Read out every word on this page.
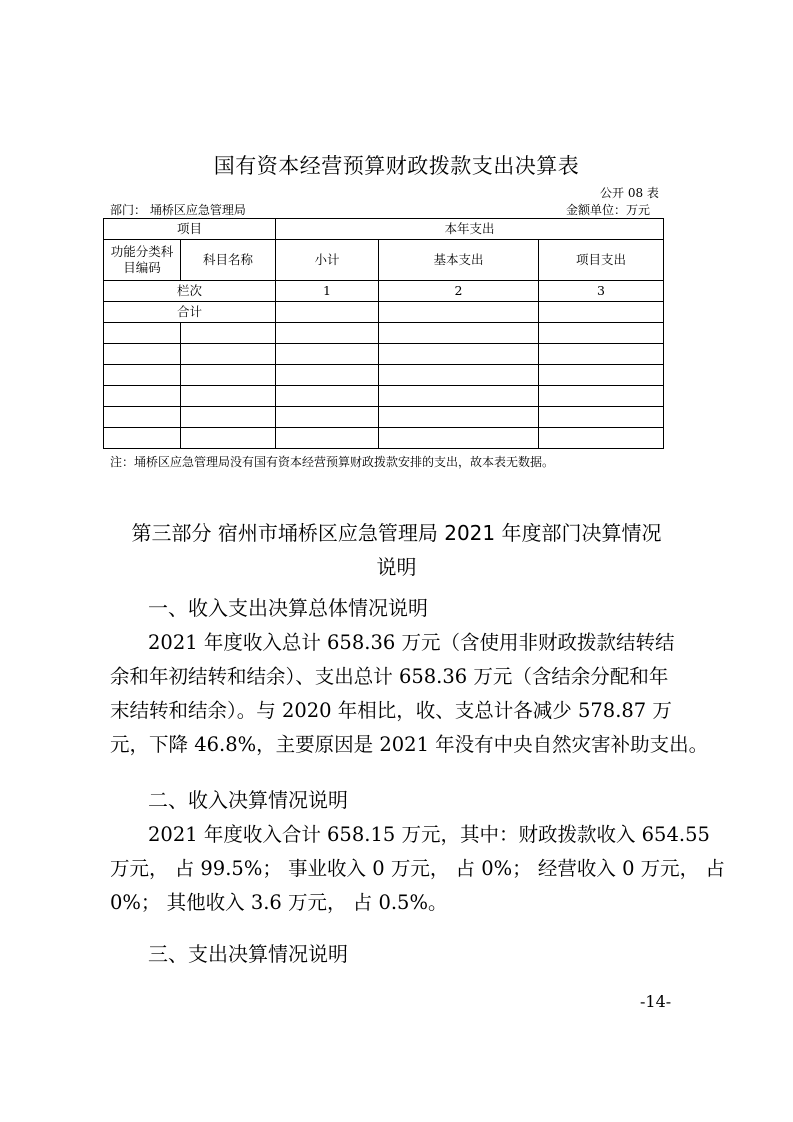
国有资本经营预算财政拨款支出决算表
公开 08 表
部门： 埇桥区应急管理局	金额单位：万元
项目		本年支出		
功能分类科目编码	科目名称	小计	基本支出	项目支出
栏次		1	2	3
合计				

注：埇桥区应急管理局没有国有资本经营预算财政拨款安排的支出，故本表无数据。
第三部分 宿州市埇桥区应急管理局 2021 年度部门决算情况
说明
一、收入支出决算总体情况说明
2021 年度收入总计 658.36 万元（含使用非财政拨款结转结
余和年初结转和结余）、支出总计 658.36 万元（含结余分配和年
末结转和结余）。与 2020 年相比，收、支总计各减少 578.87 万
元，下降 46.8%，主要原因是 2021 年没有中央自然灾害补助支出。
二、收入决算情况说明
2021 年度收入合计 658.15 万元，其中：财政拨款收入 654.55
万元， 占 99.5%； 事业收入 0 万元， 占 0%； 经营收入 0 万元， 占
0%； 其他收入 3.6 万元， 占 0.5%。
三、支出决算情况说明
-14-
